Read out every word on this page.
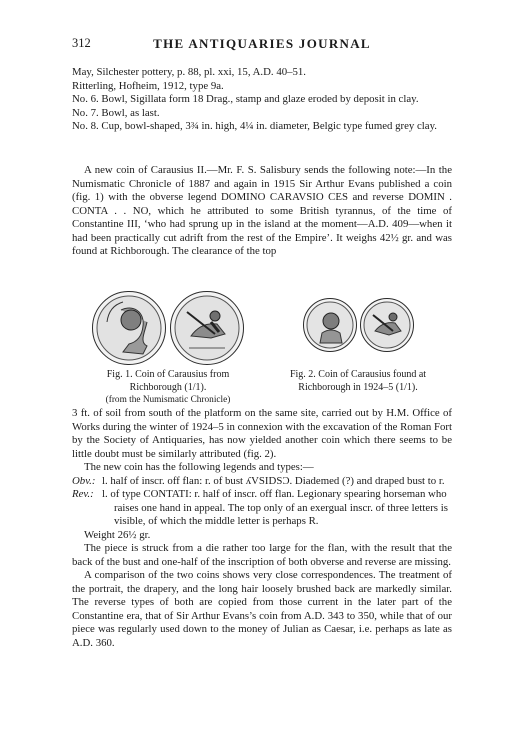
312	THE ANTIQUARIES JOURNAL

May, Silchester pottery, p. 88, pl. xxi, 15, A.D. 40–51.

Ritterling, Hofheim, 1912, type 9a.

No. 6. Bowl, Sigillata form 18 Drag., stamp and glaze eroded by deposit in clay.

No. 7. Bowl, as last.

No. 8. Cup, bowl-shaped, 3¾ in. high, 4¼ in. diameter, Belgic type fumed grey clay.

A new coin of Carausius II.—Mr. F. S. Salisbury sends the following note:—In the Numismatic Chronicle of 1887 and again in 1915 Sir Arthur Evans published a coin (fig. 1) with the obverse legend DOMINO CARAVSIO CES and reverse DOMIN . CONTA . . NO, which he attributed to some British tyrannus, of the time of Constantine III, ‘who had sprung up in the island at the moment—A.D. 409—when it had been practically cut adrift from the rest of the Empire’. It weighs 42½ gr. and was found at Richborough. The clearance of the top

Fig. 1. Coin of Carausius from
Richborough (1/1).
(from the Numismatic Chronicle)
Fig. 2. Coin of Carausius found at
Richborough in 1924–5 (1/1).

3 ft. of soil from south of the platform on the same site, carried out by H.M. Office of Works during the winter of 1924–5 in connexion with the excavation of the Roman Fort by the Society of Antiquaries, has now yielded another coin which there seems to be little doubt must be similarly attributed (fig. 2).

The new coin has the following legends and types:—

Obv.: l. half of inscr. off flan: r. of bust ʎVSIDSƆ. Diademed (?) and draped bust to r.
Rev.: l. of type CONTATI: r. half of inscr. off flan. Legionary spearing horseman who raises one hand in appeal. The top only of an exergual inscr. of three letters is visible, of which the middle letter is perhaps R.

Weight 26½ gr.

The piece is struck from a die rather too large for the flan, with the result that the back of the bust and one-half of the inscription of both obverse and reverse are missing.

A comparison of the two coins shows very close correspondences. The treatment of the portrait, the drapery, and the long hair loosely brushed back are markedly similar. The reverse types of both are copied from those current in the later part of the Constantine era, that of Sir Arthur Evans’s coin from A.D. 343 to 350, while that of our piece was regularly used down to the money of Julian as Caesar, i.e. perhaps as late as A.D. 360.
